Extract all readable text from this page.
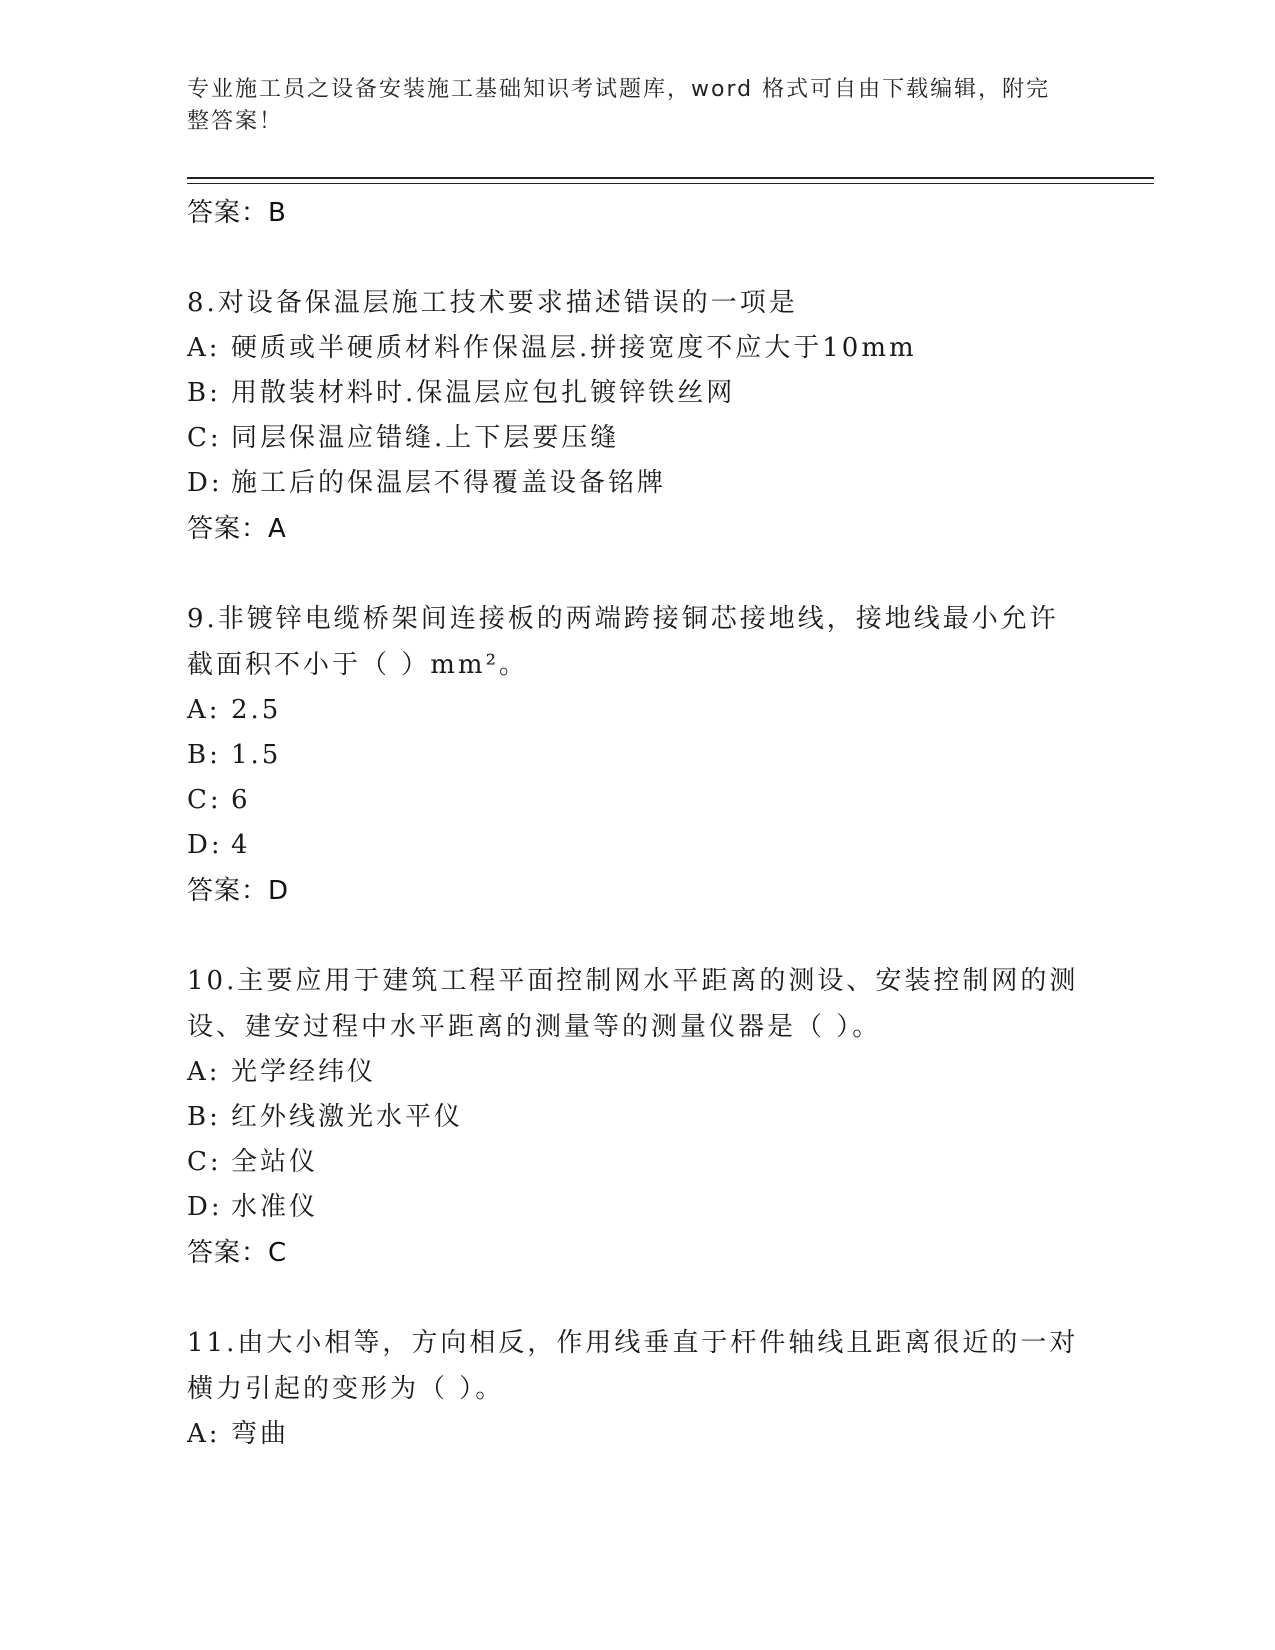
专业施工员之设备安装施工基础知识考试题库，word 格式可自由下载编辑，附完整答案！
答案：B
8.对设备保温层施工技术要求描述错误的一项是
A: 硬质或半硬质材料作保温层.拼接宽度不应大于10mm
B: 用散装材料时.保温层应包扎镀锌铁丝网
C: 同层保温应错缝.上下层要压缝
D: 施工后的保温层不得覆盖设备铭牌
答案：A
9.非镀锌电缆桥架间连接板的两端跨接铜芯接地线，接地线最小允许截面积不小于（ ）mm²。
A: 2.5
B: 1.5
C: 6
D: 4
答案：D
10.主要应用于建筑工程平面控制网水平距离的测设、安装控制网的测设、建安过程中水平距离的测量等的测量仪器是（ ）。
A: 光学经纬仪
B: 红外线激光水平仪
C: 全站仪
D: 水准仪
答案：C
11.由大小相等，方向相反，作用线垂直于杆件轴线且距离很近的一对横力引起的变形为（ ）。
A: 弯曲
